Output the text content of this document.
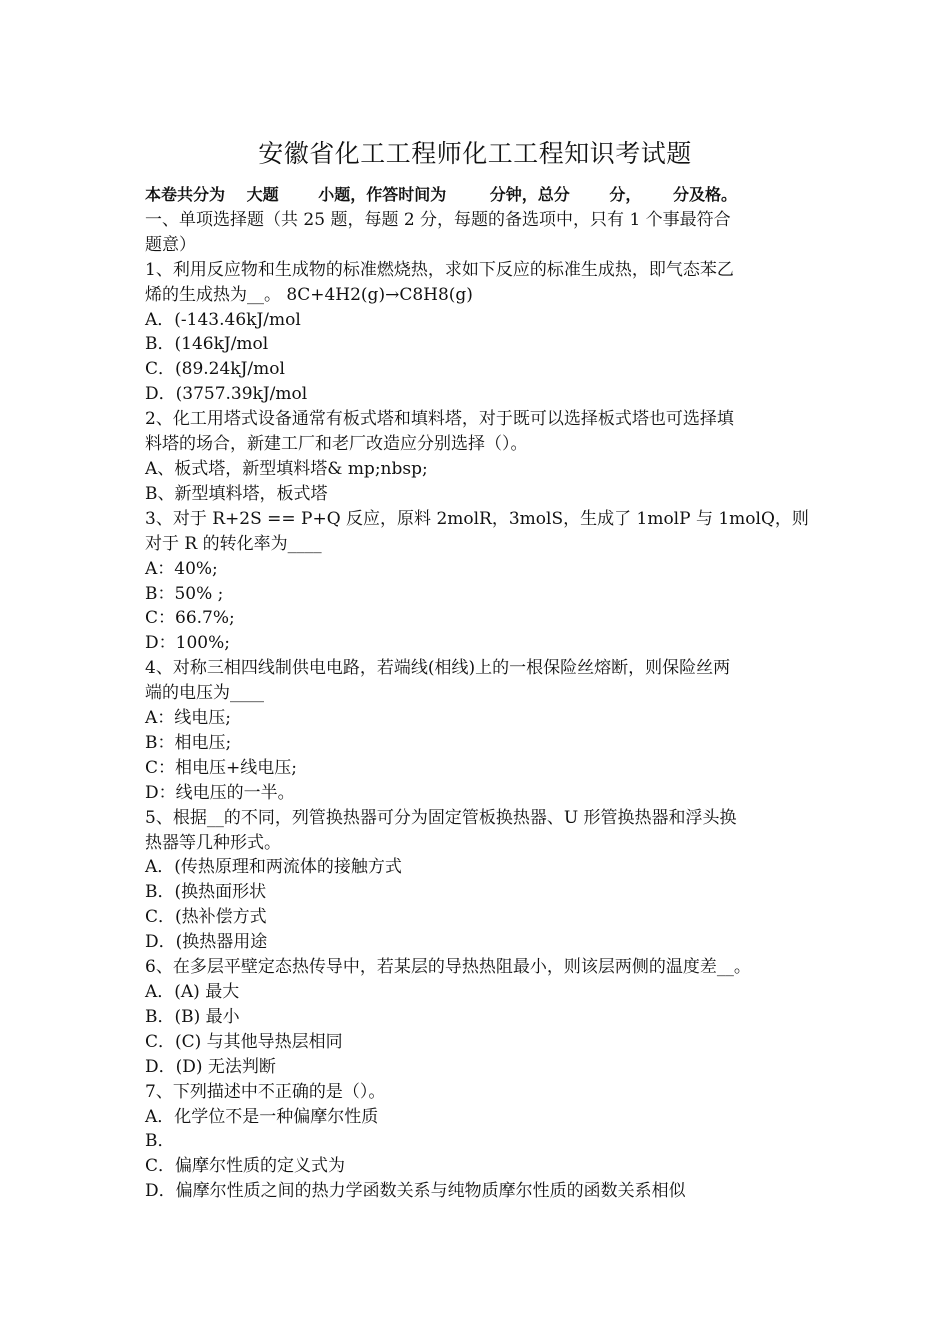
安徽省化工工程师化工工程知识考试题
本卷共分为 大题 小题，作答时间为	分钟，总分 分， 分及格。
一、单项选择题（共 25 题，每题 2 分，每题的备选项中，只有 1 个事最符合
题意）
1、利用反应物和生成物的标准燃烧热，求如下反应的标准生成热，即气态苯乙
烯的生成热为__。 8C+4H2(g)→C8H8(g)
A．(-143.46kJ/mol
B．(146kJ/mol
C．(89.24kJ/mol
D．(3757.39kJ/mol
2、化工用塔式设备通常有板式塔和填料塔，对于既可以选择板式塔也可选择填
料塔的场合，新建工厂和老厂改造应分别选择（）。
A、板式塔，新型填料塔& mp;nbsp;
B、新型填料塔，板式塔
3、对于 R+2S == P+Q 反应，原料 2molR，3molS，生成了 1molP 与 1molQ，则
对于 R 的转化率为____
A：40%;
B：50% ;
C：66.7%;
D：100%;
4、对称三相四线制供电电路，若端线(相线)上的一根保险丝熔断，则保险丝两
端的电压为____
A：线电压;
B：相电压;
C：相电压+线电压;
D：线电压的一半。
5、根据__的不同，列管换热器可分为固定管板换热器、U 形管换热器和浮头换
热器等几种形式。
A．(传热原理和两流体的接触方式
B．(换热面形状
C．(热补偿方式
D．(换热器用途
6、在多层平壁定态热传导中，若某层的导热热阻最小，则该层两侧的温度差__。
A．(A) 最大
B．(B) 最小
C．(C) 与其他导热层相同
D．(D) 无法判断
7、下列描述中不正确的是（）。
A．化学位不是一种偏摩尔性质
B．
C．偏摩尔性质的定义式为
D．偏摩尔性质之间的热力学函数关系与纯物质摩尔性质的函数关系相似
